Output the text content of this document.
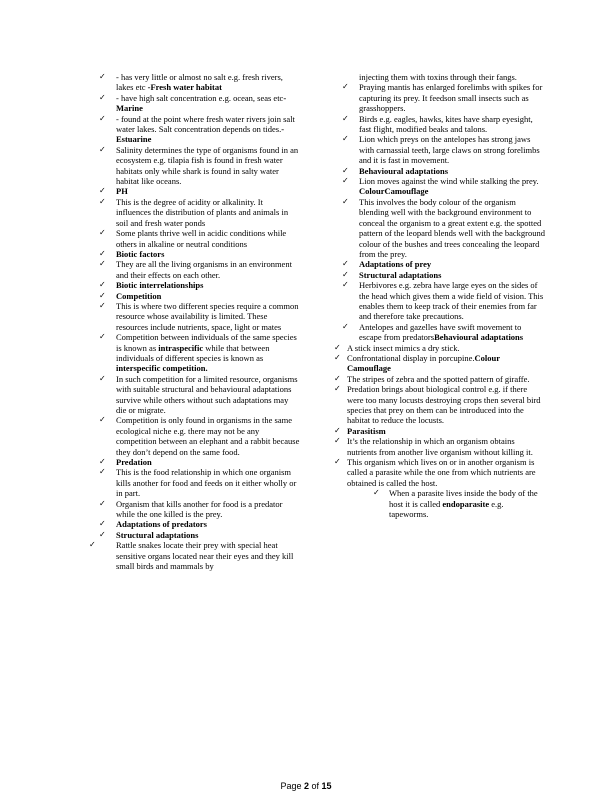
✓ - has very little or almost no salt e.g. fresh rivers, lakes etc -Fresh water habitat
✓ - have high salt concentration e.g. ocean, seas etc-Marine
✓ - found at the point where fresh water rivers join salt water lakes. Salt concentration depends on tides.-Estuarine
✓ Salinity determines the type of organisms found in an ecosystem e.g. tilapia fish is found in fresh water habitats only while shark is found in salty water habitat like oceans.
✓ PH
✓ This is the degree of acidity or alkalinity. It influences the distribution of plants and animals in soil and fresh water ponds
✓ Some plants thrive well in acidic conditions while others in alkaline or neutral conditions
✓ Biotic factors
✓ They are all the living organisms in an environment and their effects on each other.
✓ Biotic interrelationships
✓ Competition
✓ This is where two different species require a common resource whose availability is limited. These resources include nutrients, space, light or mates
✓ Competition between individuals of the same species is known as intraspecific while that between individuals of different species is known as interspecific competition.
✓ In such competition for a limited resource, organisms with suitable structural and behavioural adaptations survive while others without such adaptations may die or migrate.
✓ Competition is only found in organisms in the same ecological niche e.g. there may not be any competition between an elephant and a rabbit because they don’t depend on the same food.
✓ Predation
✓ This is the food relationship in which one organism kills another for food and feeds on it either wholly or in part.
✓ Organism that kills another for food is a predator while the one killed is the prey.
✓ Adaptations of predators
✓ Structural adaptations
✓ Rattle snakes locate their prey with special heat sensitive organs located near their eyes and they kill small birds and mammals by
injecting them with toxins through their fangs.
✓ Praying mantis has enlarged forelimbs with spikes for capturing its prey. It feedson small insects such as grasshoppers.
✓ Birds e.g. eagles, hawks, kites have sharp eyesight, fast flight, modified beaks and talons.
✓ Lion which preys on the antelopes has strong jaws with carnassial teeth, large claws on strong forelimbs and it is fast in movement.
✓ Behavioural adaptations
✓ Lion moves against the wind while stalking the prey.
ColourCamouflage
✓ This involves the body colour of the organism blending well with the background environment to conceal the organism to a great extent e.g. the spotted pattern of the leopard blends well with the background colour of the bushes and trees concealing the leopard from the prey.
✓ Adaptations of prey
✓ Structural adaptations
✓ Herbivores e.g. zebra have large eyes on the sides of the head which gives them a wide field of vision. This enables them to keep track of their enemies from far and therefore take precautions.
✓ Antelopes and gazelles have swift movement to escape from predatorsBehavioural adaptations
✓ A stick insect mimics a dry stick.
✓ Confrontational display in porcupine.Colour Camouflage
✓ The stripes of zebra and the spotted pattern of giraffe.
✓ Predation brings about biological control e.g. if there were too many locusts destroying crops then several bird species that prey on them can be introduced into the habitat to reduce the locusts.
✓ Parasitism
✓ It’s the relationship in which an organism obtains nutrients from another live organism without killing it.
✓ This organism which lives on or in another organism is called a parasite while the one from which nutrients are obtained is called the host.
✓ When a parasite lives inside the body of the host it is called endoparasite e.g. tapeworms.
Page 2 of 15
